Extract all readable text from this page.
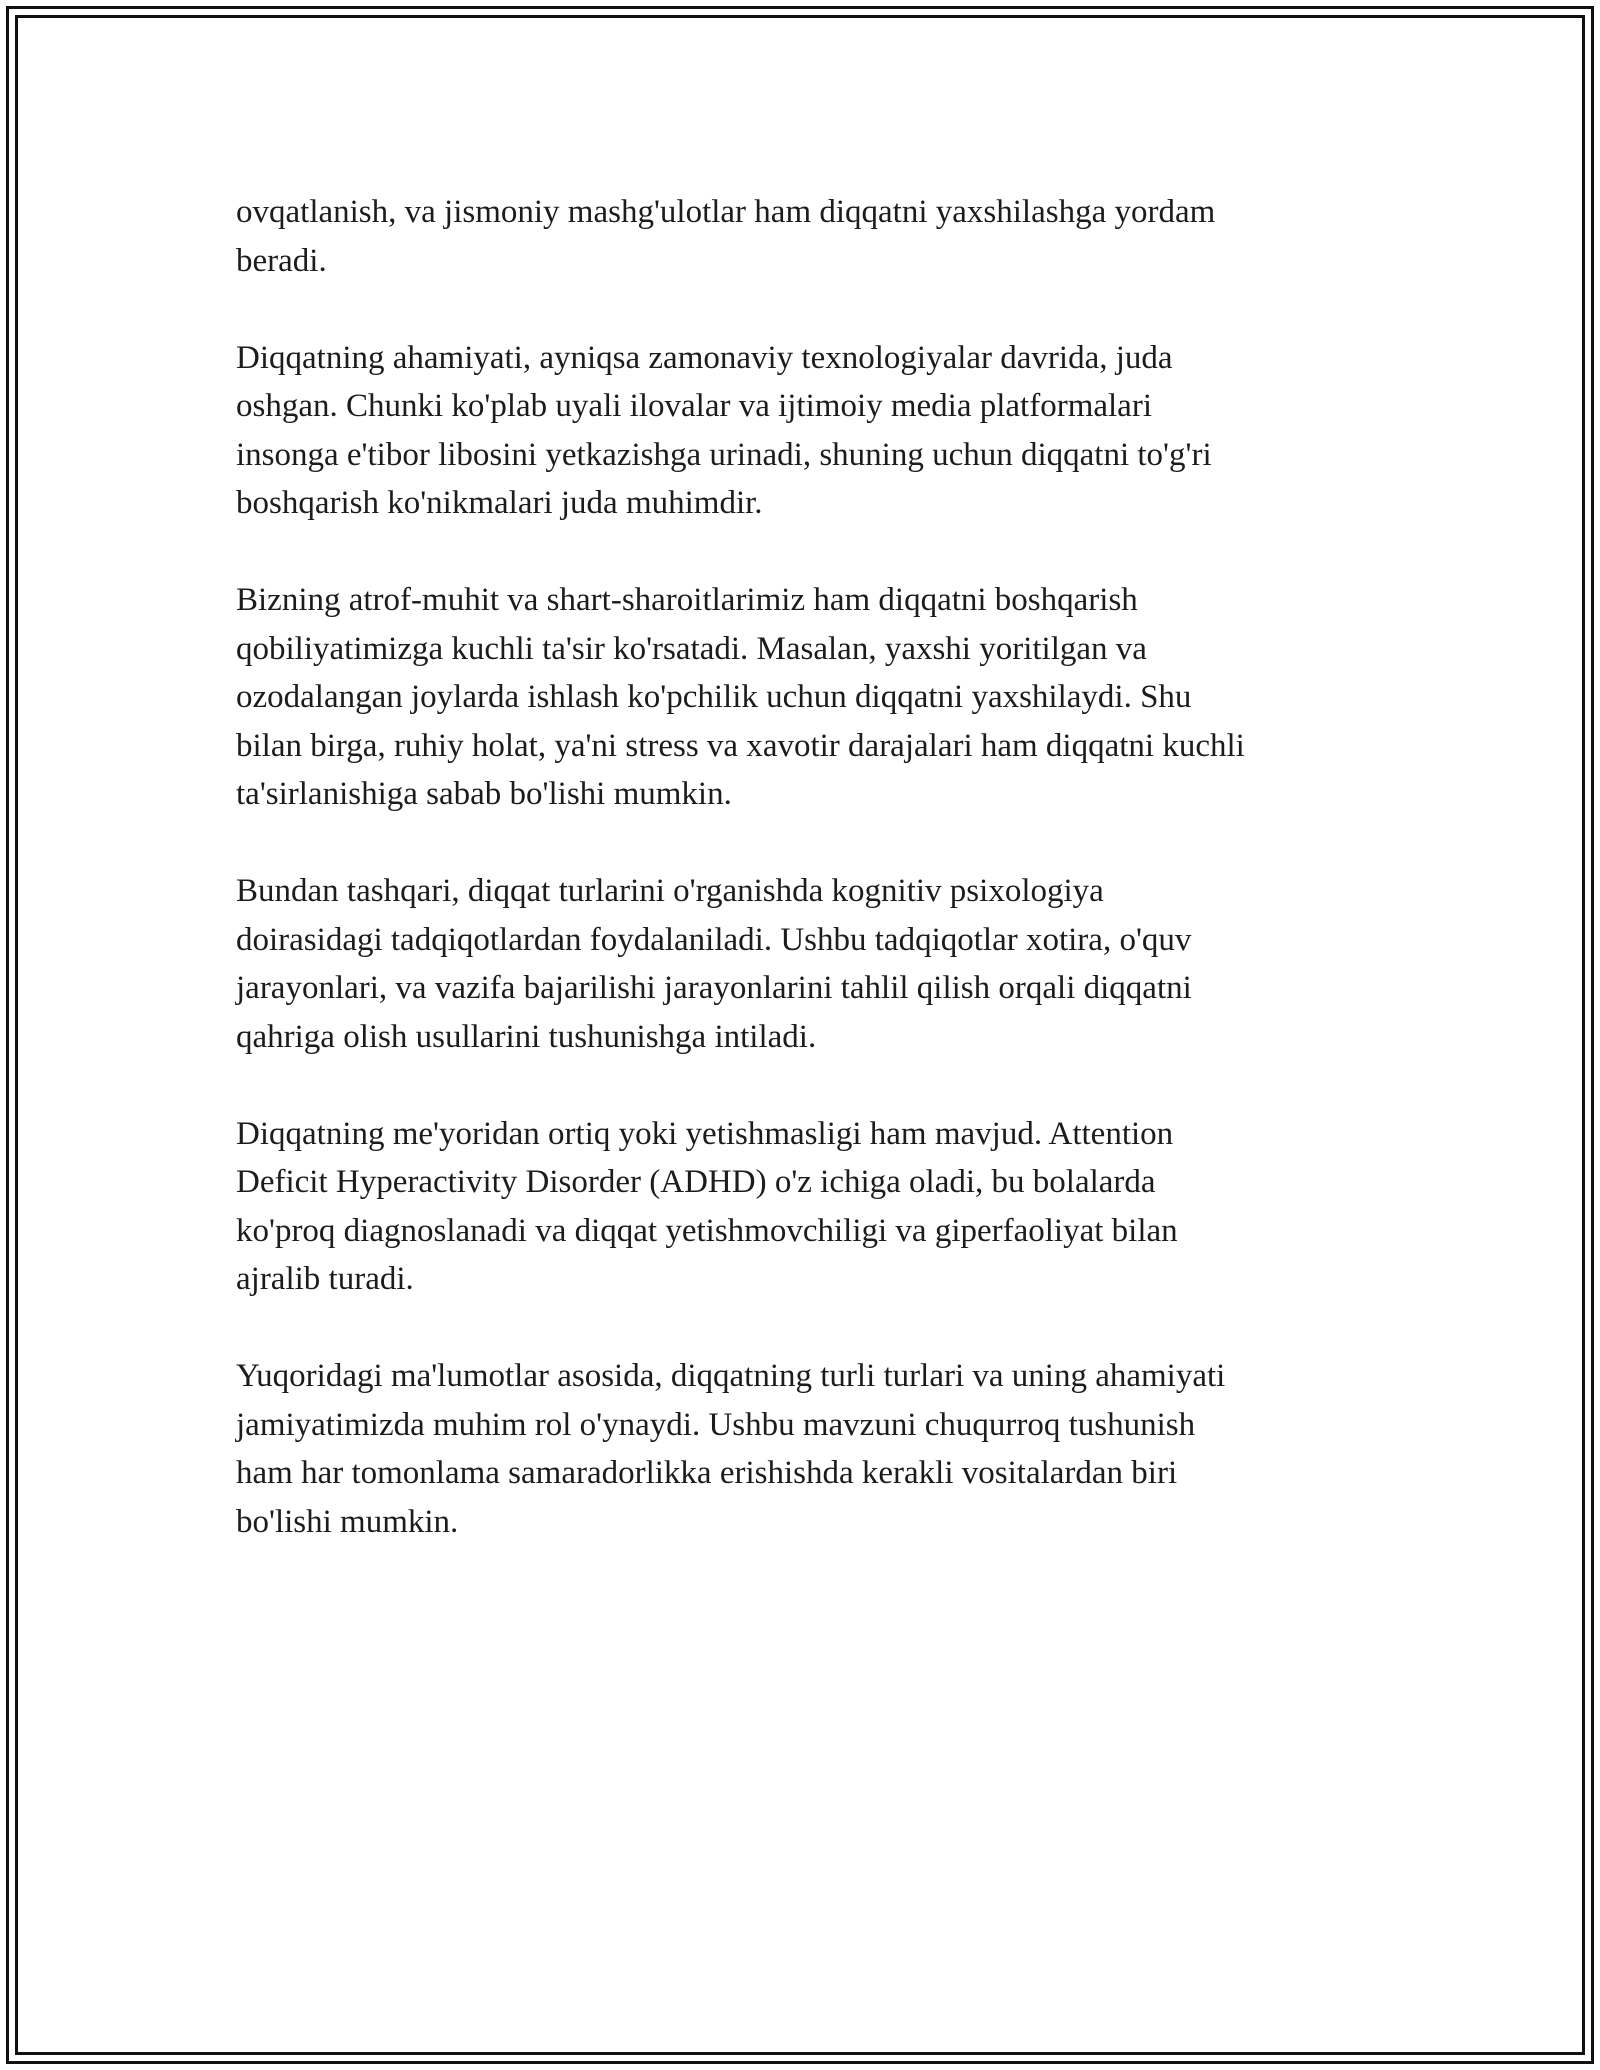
ovqatlanish, va jismoniy mashg'ulotlar ham diqqatni yaxshilashga yordam
beradi.

Diqqatning ahamiyati, ayniqsa zamonaviy texnologiyalar davrida, juda
oshgan. Chunki ko'plab uyali ilovalar va ijtimoiy media platformalari
insonga e'tibor libosini yetkazishga urinadi, shuning uchun diqqatni to'g'ri
boshqarish ko'nikmalari juda muhimdir.

Bizning atrof-muhit va shart-sharoitlarimiz ham diqqatni boshqarish
qobiliyatimizga kuchli ta'sir ko'rsatadi. Masalan, yaxshi yoritilgan va
ozodalangan joylarda ishlash ko'pchilik uchun diqqatni yaxshilaydi. Shu
bilan birga, ruhiy holat, ya'ni stress va xavotir darajalari ham diqqatni kuchli
ta'sirlanishiga sabab bo'lishi mumkin.

Bundan tashqari, diqqat turlarini o'rganishda kognitiv psixologiya
doirasidagi tadqiqotlardan foydalaniladi. Ushbu tadqiqotlar xotira, o'quv
jarayonlari, va vazifa bajarilishi jarayonlarini tahlil qilish orqali diqqatni
qahriga olish usullarini tushunishga intiladi.

Diqqatning me'yoridan ortiq yoki yetishmasligi ham mavjud. Attention
Deficit Hyperactivity Disorder (ADHD) o'z ichiga oladi, bu bolalarda
ko'proq diagnoslanadi va diqqat yetishmovchiligi va giperfaoliyat bilan
ajralib turadi.

Yuqoridagi ma'lumotlar asosida, diqqatning turli turlari va uning ahamiyati
jamiyatimizda muhim rol o'ynaydi. Ushbu mavzuni chuqurroq tushunish
ham har tomonlama samaradorlikka erishishda kerakli vositalardan biri
bo'lishi mumkin.
